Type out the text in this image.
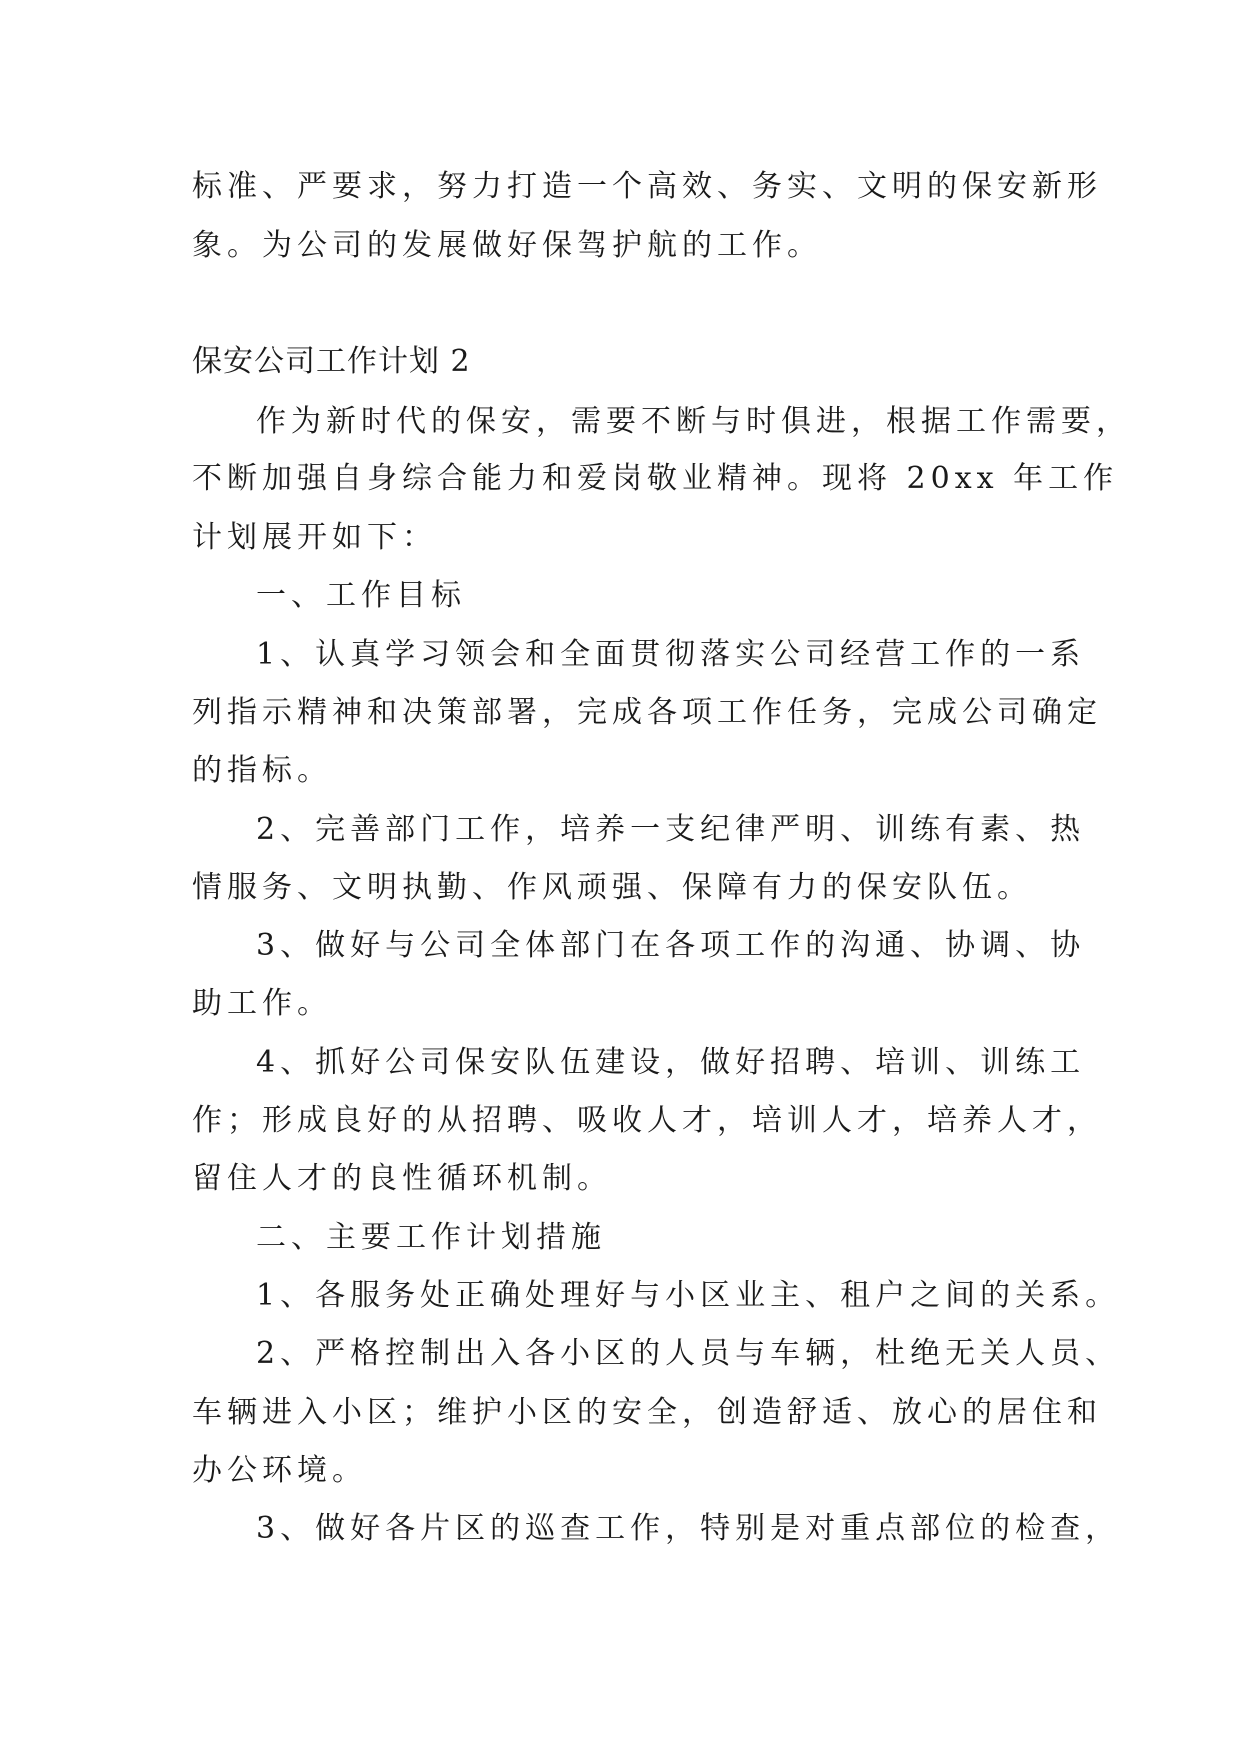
标准、严要求，努力打造一个高效、务实、文明的保安新形
象。为公司的发展做好保驾护航的工作。
保安公司工作计划 2
作为新时代的保安，需要不断与时俱进，根据工作需要，
不断加强自身综合能力和爱岗敬业精神。现将 20xx 年工作
计划展开如下：
一、工作目标
1、认真学习领会和全面贯彻落实公司经营工作的一系
列指示精神和决策部署，完成各项工作任务，完成公司确定
的指标。
2、完善部门工作，培养一支纪律严明、训练有素、热
情服务、文明执勤、作风顽强、保障有力的保安队伍。
3、做好与公司全体部门在各项工作的沟通、协调、协
助工作。
4、抓好公司保安队伍建设，做好招聘、培训、训练工
作；形成良好的从招聘、吸收人才，培训人才，培养人才，
留住人才的良性循环机制。
二、主要工作计划措施
1、各服务处正确处理好与小区业主、租户之间的关系。
2、严格控制出入各小区的人员与车辆，杜绝无关人员、
车辆进入小区；维护小区的安全，创造舒适、放心的居住和
办公环境。
3、做好各片区的巡查工作，特别是对重点部位的检查，
